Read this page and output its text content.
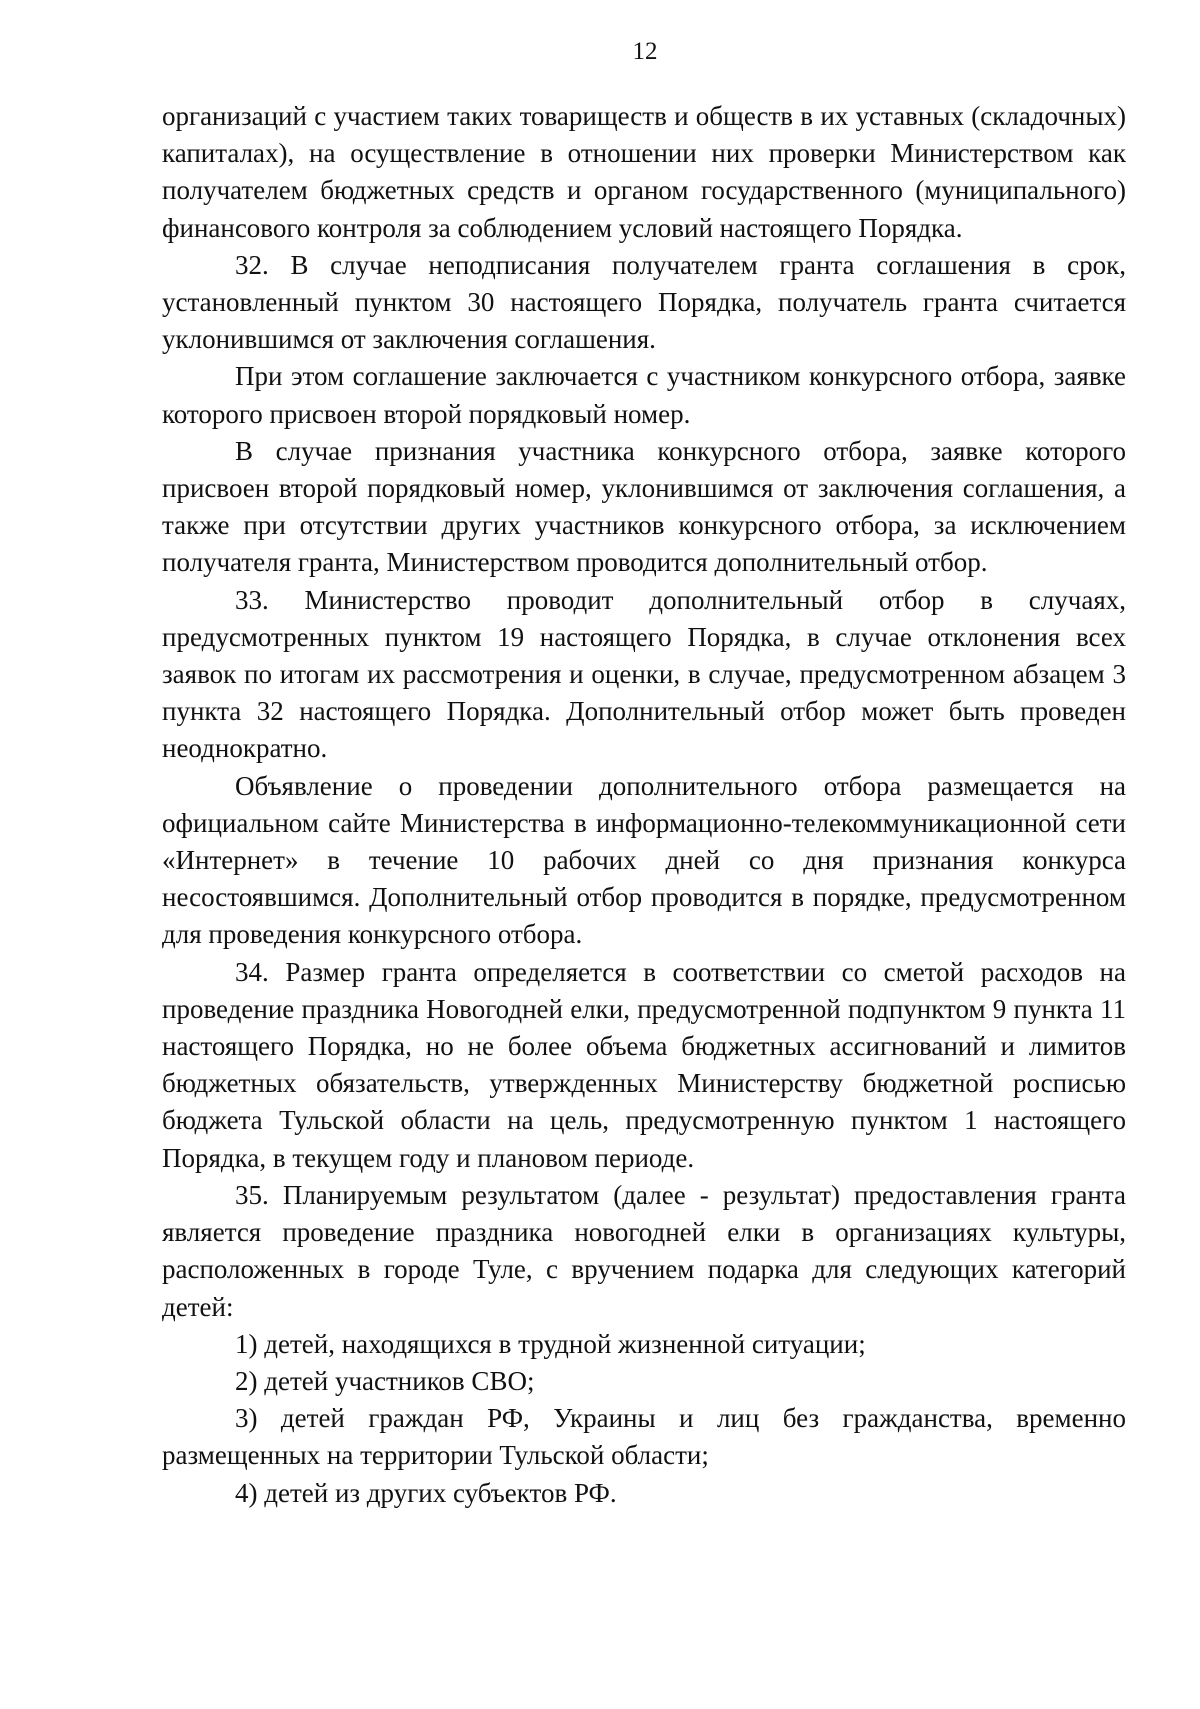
12

организаций с участием таких товариществ и обществ в их уставных (складочных) капиталах), на осуществление в отношении них проверки Министерством как получателем бюджетных средств и органом государственного (муниципального) финансового контроля за соблюдением условий настоящего Порядка.

32. В случае неподписания получателем гранта соглашения в срок, установленный пунктом 30 настоящего Порядка, получатель гранта считается уклонившимся от заключения соглашения.

При этом соглашение заключается с участником конкурсного отбора, заявке которого присвоен второй порядковый номер.

В случае признания участника конкурсного отбора, заявке которого присвоен второй порядковый номер, уклонившимся от заключения соглашения, а также при отсутствии других участников конкурсного отбора, за исключением получателя гранта, Министерством проводится дополнительный отбор.

33. Министерство проводит дополнительный отбор в случаях, предусмотренных пунктом 19 настоящего Порядка, в случае отклонения всех заявок по итогам их рассмотрения и оценки, в случае, предусмотренном абзацем 3 пункта 32 настоящего Порядка. Дополнительный отбор может быть проведен неоднократно.

Объявление о проведении дополнительного отбора размещается на официальном сайте Министерства в информационно-телекоммуникационной сети «Интернет» в течение 10 рабочих дней со дня признания конкурса несостоявшимся. Дополнительный отбор проводится в порядке, предусмотренном для проведения конкурсного отбора.

34. Размер гранта определяется в соответствии со сметой расходов на проведение праздника Новогодней елки, предусмотренной подпунктом 9 пункта 11 настоящего Порядка, но не более объема бюджетных ассигнований и лимитов бюджетных обязательств, утвержденных Министерству бюджетной росписью бюджета Тульской области на цель, предусмотренную пунктом 1 настоящего Порядка, в текущем году и плановом периоде.

35. Планируемым результатом (далее - результат) предоставления гранта является проведение праздника новогодней елки в организациях культуры, расположенных в городе Туле, с вручением подарка для следующих категорий детей:

1) детей, находящихся в трудной жизненной ситуации;

2) детей участников СВО;

3) детей граждан РФ, Украины и лиц без гражданства, временно размещенных на территории Тульской области;

4) детей из других субъектов РФ.
